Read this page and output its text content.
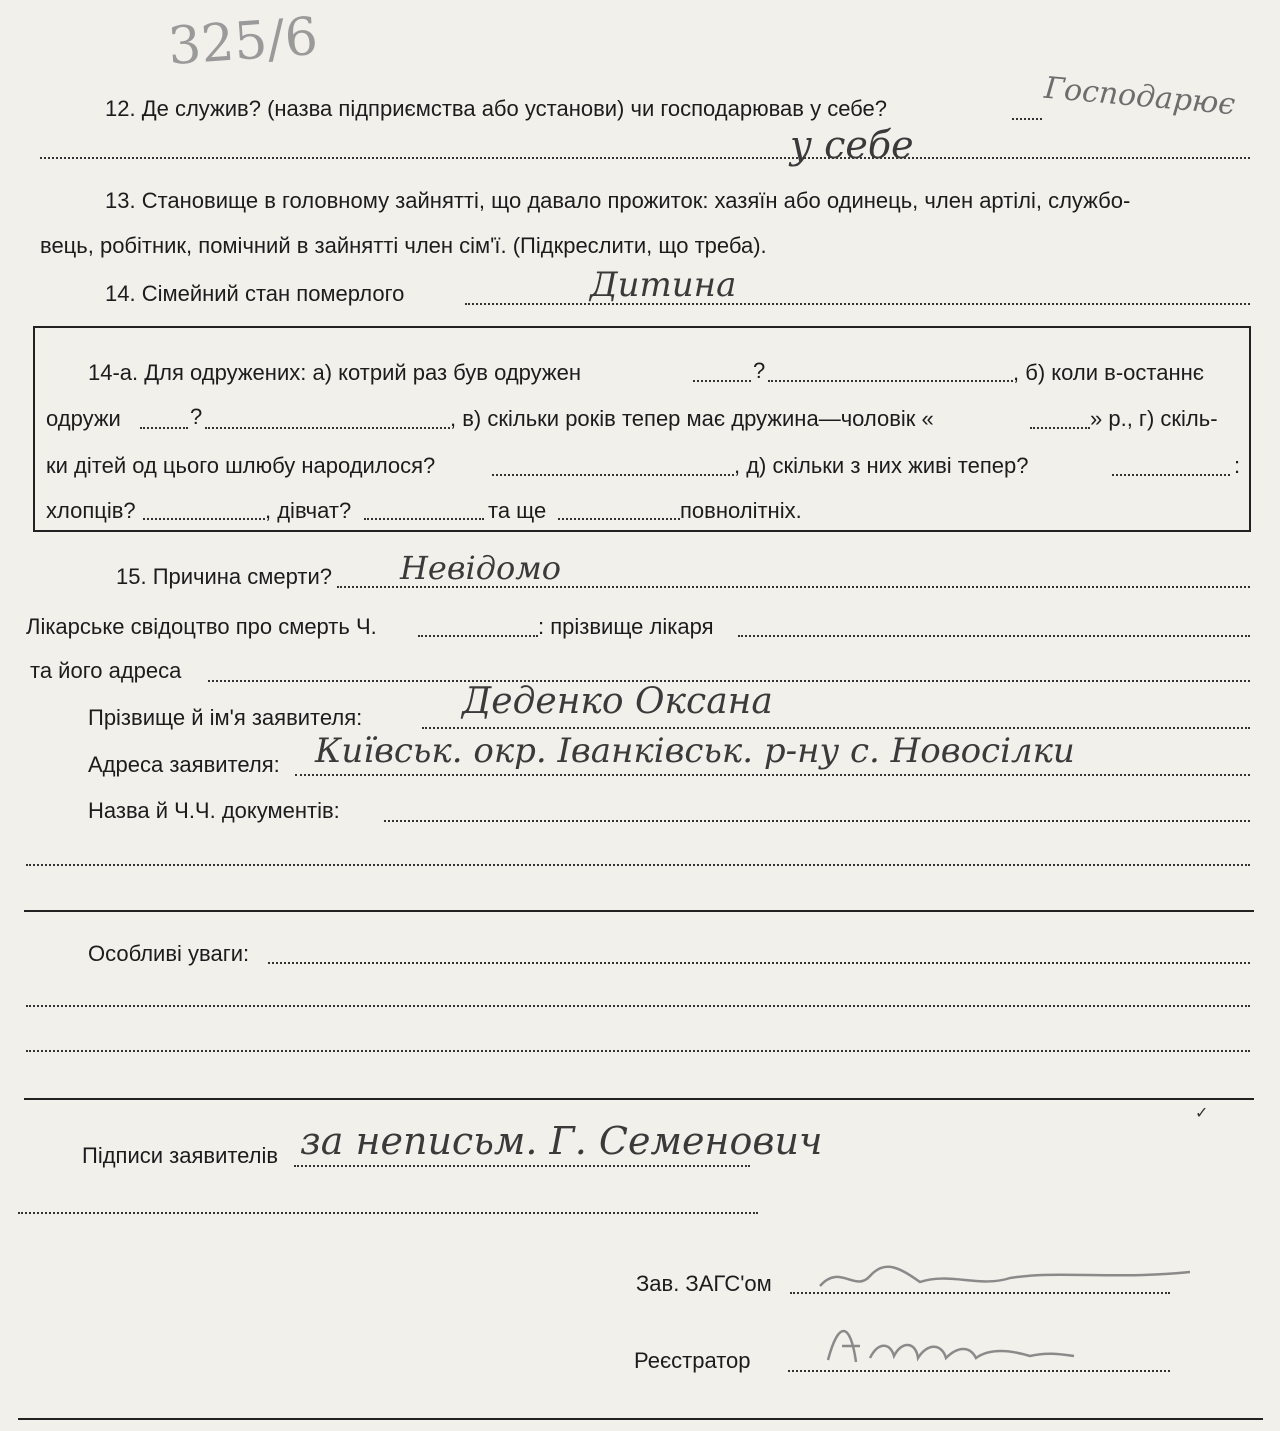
325/6
12. Де служив? (назва підприємства або установи) чи господарював у себе?	Господарює
у себе
13. Становище в головному зайнятті, що давало прожиток: хазяїн або одинець, член артілі, службо-
вець, робітник, помічний в зайнятті член сім'ї. (Підкреслити, що треба).
14. Сімейний стан померлого	Дитина
14-а. Для одружених: а) котрий раз був одружен	?	, б) коли в-останнє
одружи	?	, в) скільки років тепер має дружина—чоловік «	» р., г) скіль-
ки дітей од цього шлюбу народилося?	, д) скільки з них живі тепер?	:
хлопців?	, дівчат?	та ще	повнолітніх.
15. Причина смерти? Невідомо
Лікарське свідоцтво про смерть Ч.	: прізвище лікаря
та його адреса
Прізвище й ім'я заявителя:	Деденко Оксана
Адреса заявителя: Київськ. окр. Іванківськ. р-ну с. Новосілки
Назва й Ч.Ч. документів:
Особливі уваги:
Підписи заявителів за неписьм. Г. Семенович
Зав. ЗАГС'ом
Реєстратор
✓
